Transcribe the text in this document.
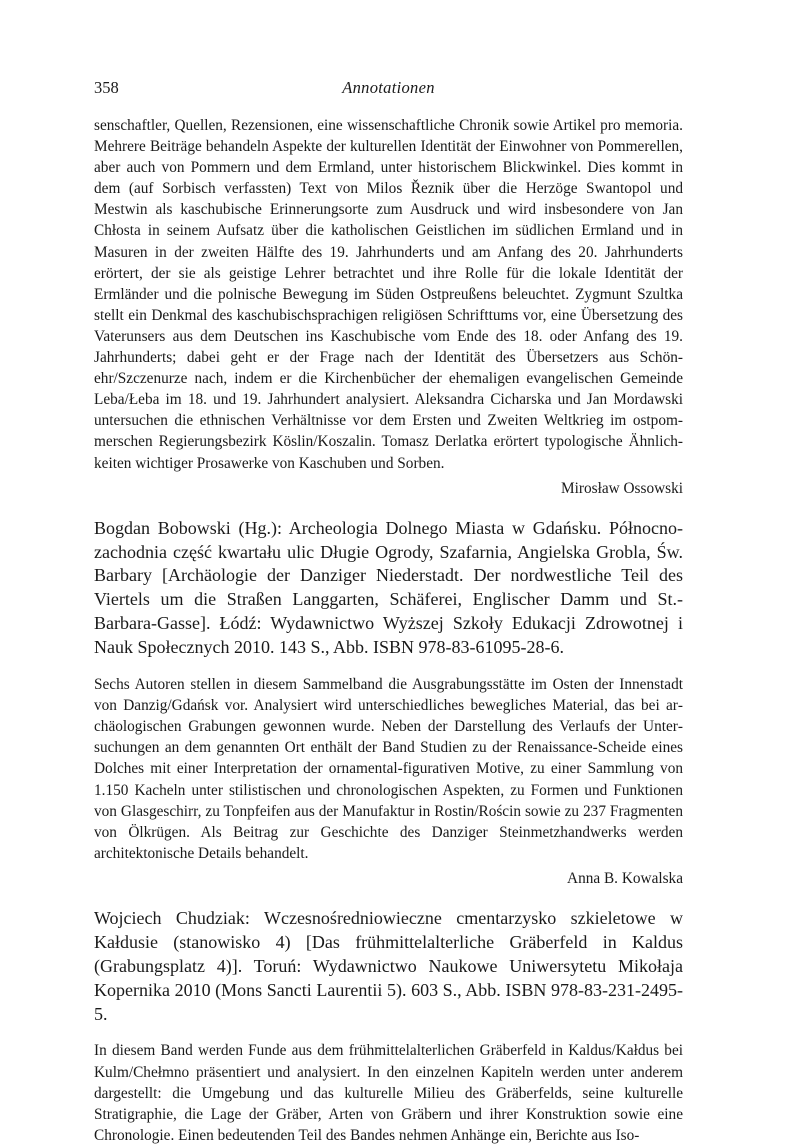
358	Annotationen

senschaftler, Quellen, Rezensionen, eine wissenschaftliche Chronik sowie Artikel pro memoria. Mehrere Beiträge behandeln Aspekte der kulturellen Identität der Einwohner von Pommerellen, aber auch von Pommern und dem Ermland, unter historischem Blickwinkel. Dies kommt in dem (auf Sorbisch verfassten) Text von Milos Řeznik über die Herzöge Swantopol und Mestwin als kaschubische Erinnerungsorte zum Ausdruck und wird insbesondere von Jan Chłosta in seinem Aufsatz über die katholischen Geistlichen im südlichen Ermland und in Masuren in der zweiten Hälfte des 19. Jahrhunderts und am Anfang des 20. Jahrhunderts erörtert, der sie als geistige Lehrer betrachtet und ihre Rolle für die lokale Identität der Ermländer und die polnische Bewegung im Süden Ostpreußens beleuchtet. Zygmunt Szultka stellt ein Denkmal des kaschubischsprachigen religiösen Schrifttums vor, eine Übersetzung des Vaterunsers aus dem Deutschen ins Kaschubische vom Ende des 18. oder Anfang des 19. Jahrhunderts; dabei geht er der Frage nach der Identität des Übersetzers aus Schönehr/Szczenurze nach, indem er die Kirchenbücher der ehemaligen evangelischen Gemeinde Leba/Łeba im 18. und 19. Jahrhundert analysiert. Aleksandra Cicharska und Jan Mordawski untersuchen die ethnischen Verhältnisse vor dem Ersten und Zweiten Weltkrieg im ostpommerschen Regierungsbezirk Köslin/Koszalin. Tomasz Derlatka erörtert typologische Ähnlichkeiten wichtiger Prosawerke von Kaschuben und Sorben.

Mirosław Ossowski

Bogdan Bobowski (Hg.): Archeologia Dolnego Miasta w Gdańsku. Północnozachodnia część kwartału ulic Długie Ogrody, Szafarnia, Angielska Grobla, Św. Barbary [Archäologie der Danziger Niederstadt. Der nordwestliche Teil des Viertels um die Straßen Langgarten, Schäferei, Englischer Damm und St.-Barbara-Gasse]. Łódź: Wydawnictwo Wyższej Szkoły Edukacji Zdrowotnej i Nauk Społecznych 2010. 143 S., Abb. ISBN 978-83-61095-28-6.

Sechs Autoren stellen in diesem Sammelband die Ausgrabungsstätte im Osten der Innenstadt von Danzig/Gdańsk vor. Analysiert wird unterschiedliches bewegliches Material, das bei archäologischen Grabungen gewonnen wurde. Neben der Darstellung des Verlaufs der Untersuchungen an dem genannten Ort enthält der Band Studien zu der Renaissance-Scheide eines Dolches mit einer Interpretation der ornamental-figurativen Motive, zu einer Sammlung von 1.150 Kacheln unter stilistischen und chronologischen Aspekten, zu Formen und Funktionen von Glasgeschirr, zu Tonpfeifen aus der Manufaktur in Rostin/Rościn sowie zu 237 Fragmenten von Ölkrügen. Als Beitrag zur Geschichte des Danziger Steinmetzhandwerks werden architektonische Details behandelt.

Anna B. Kowalska

Wojciech Chudziak: Wczesnośredniowieczne cmentarzysko szkieletowe w Kałdusie (stanowisko 4) [Das frühmittelalterliche Gräberfeld in Kaldus (Grabungsplatz 4)]. Toruń: Wydawnictwo Naukowe Uniwersytetu Mikołaja Kopernika 2010 (Mons Sancti Laurentii 5). 603 S., Abb. ISBN 978-83-231-2495-5.

In diesem Band werden Funde aus dem frühmittelalterlichen Gräberfeld in Kaldus/Kałdus bei Kulm/Chełmno präsentiert und analysiert. In den einzelnen Kapiteln werden unter anderem dargestellt: die Umgebung und das kulturelle Milieu des Gräberfelds, seine kulturelle Stratigraphie, die Lage der Gräber, Arten von Gräbern und ihrer Konstruktion sowie eine Chronologie. Einen bedeutenden Teil des Bandes nehmen Anhänge ein, Berichte aus Iso-
